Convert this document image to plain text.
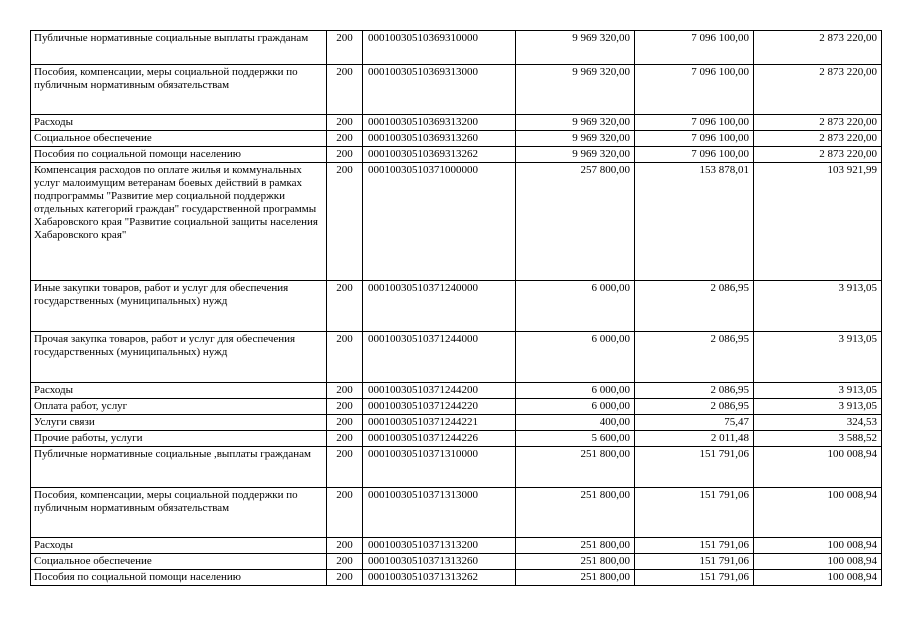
Публичные нормативные социальные выплаты гражданам	200	00010030510369310000	9 969 320,00	7 096 100,00	2 873 220,00
Пособия, компенсации, меры социальной поддержки по публичным нормативным обязательствам	200	00010030510369313000	9 969 320,00	7 096 100,00	2 873 220,00
Расходы	200	00010030510369313200	9 969 320,00	7 096 100,00	2 873 220,00
Социальное обеспечение	200	00010030510369313260	9 969 320,00	7 096 100,00	2 873 220,00
Пособия по социальной помощи населению	200	00010030510369313262	9 969 320,00	7 096 100,00	2 873 220,00
Компенсация расходов по оплате жилья и коммунальных услуг малоимущим ветеранам боевых действий в рамках подпрограммы "Развитие мер социальной поддержки отдельных категорий граждан" государственной программы Хабаровского края "Развитие социальной защиты населения Хабаровского края"	200	00010030510371000000	257 800,00	153 878,01	103 921,99
Иные закупки товаров, работ и услуг для обеспечения государственных (муниципальных) нужд	200	00010030510371240000	6 000,00	2 086,95	3 913,05
Прочая закупка товаров, работ и услуг для обеспечения государственных (муниципальных) нужд	200	00010030510371244000	6 000,00	2 086,95	3 913,05
Расходы	200	00010030510371244200	6 000,00	2 086,95	3 913,05
Оплата работ, услуг	200	00010030510371244220	6 000,00	2 086,95	3 913,05
Услуги связи	200	00010030510371244221	400,00	75,47	324,53
Прочие работы, услуги	200	00010030510371244226	5 600,00	2 011,48	3 588,52
Публичные нормативные социальные ,выплаты гражданам	200	00010030510371310000	251 800,00	151 791,06	100 008,94
Пособия, компенсации, меры социальной поддержки по публичным нормативным обязательствам	200	00010030510371313000	251 800,00	151 791,06	100 008,94
Расходы	200	00010030510371313200	251 800,00	151 791,06	100 008,94
Социальное обеспечение	200	00010030510371313260	251 800,00	151 791,06	100 008,94
Пособия по социальной помощи населению	200	00010030510371313262	251 800,00	151 791,06	100 008,94
